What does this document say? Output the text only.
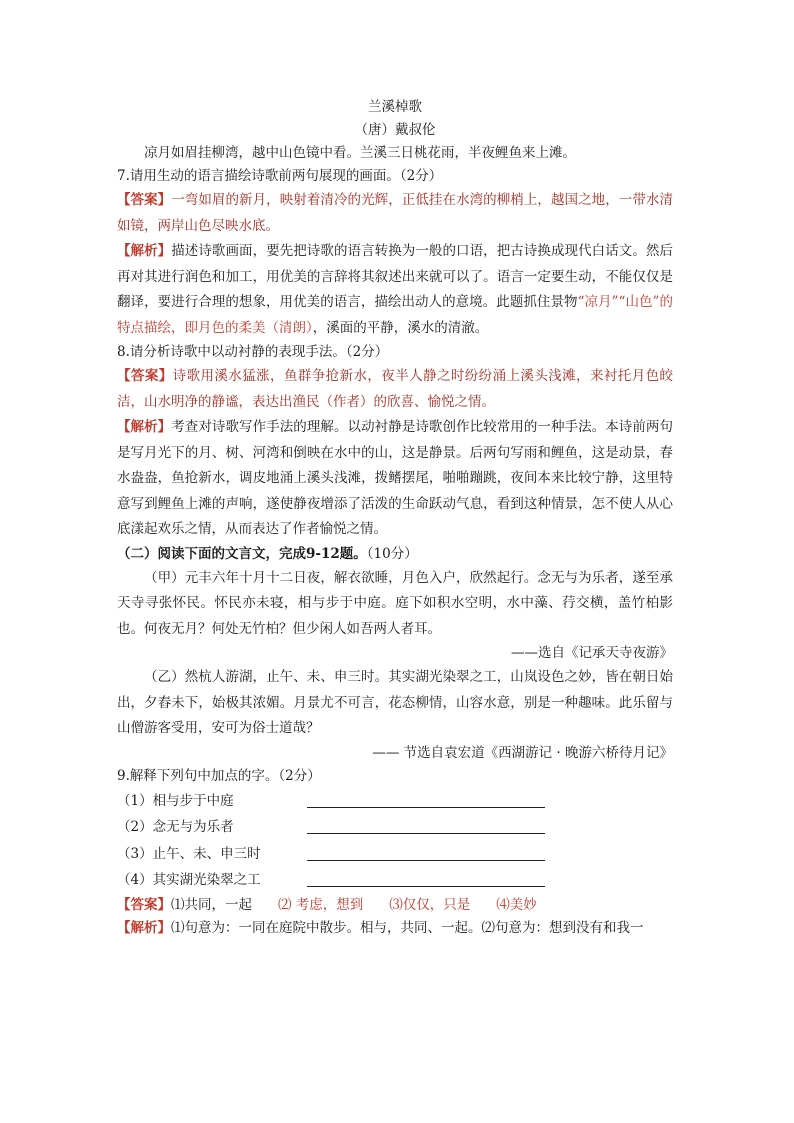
兰溪棹歌
（唐）戴叔伦
凉月如眉挂柳湾，越中山色镜中看。兰溪三日桃花雨，半夜鲤鱼来上滩。
7.请用生动的语言描绘诗歌前两句展现的画面。（2分）
【答案】一弯如眉的新月，映射着清冷的光辉，正低挂在水湾的柳梢上，越国之地，一带水清如镜，两岸山色尽映水底。
【解析】描述诗歌画面，要先把诗歌的语言转换为一般的口语，把古诗换成现代白话文。然后再对其进行润色和加工，用优美的言辞将其叙述出来就可以了。语言一定要生动，不能仅仅是翻译，要进行合理的想象，用优美的语言，描绘出动人的意境。此题抓住景物“凉月”“山色”的特点描绘，即月色的柔美（清朗），溪面的平静，溪水的清澈。
8.请分析诗歌中以动衬静的表现手法。（2分）
【答案】诗歌用溪水猛涨，鱼群争抢新水，夜半人静之时纷纷涌上溪头浅滩，来衬托月色皎洁，山水明净的静谧，表达出渔民（作者）的欣喜、愉悦之情。
【解析】考查对诗歌写作手法的理解。以动衬静是诗歌创作比较常用的一种手法。本诗前两句是写月光下的月、树、河湾和倒映在水中的山，这是静景。后两句写雨和鲤鱼，这是动景，春水盎盎，鱼抢新水，调皮地涌上溪头浅滩，拨鳍摆尾，啪啪蹦跳，夜间本来比较宁静，这里特意写到鲤鱼上滩的声响，遂使静夜增添了活泼的生命跃动气息，看到这种情景，怎不使人从心底漾起欢乐之情，从而表达了作者愉悦之情。
（二）阅读下面的文言文，完成9-12题。（10分）
（甲）元丰六年十月十二日夜，解衣欲睡，月色入户，欣然起行。念无与为乐者，遂至承天寺寻张怀民。怀民亦未寝，相与步于中庭。庭下如积水空明，水中藻、荇交横，盖竹柏影也。何夜无月？何处无竹柏？但少闲人如吾两人者耳。
——选自《记承天寺夜游》
（乙）然杭人游湖，止午、未、申三时。其实湖光染翠之工，山岚设色之妙，皆在朝日始出，夕舂未下，始极其浓媚。月景尤不可言，花态柳情，山容水意，别是一种趣味。此乐留与山僧游客受用，安可为俗士道哉？
—— 节选自袁宏道《西湖游记 · 晚游六桥待月记》
9.解释下列句中加点的字。（2分）
（1）相与步于中庭
（2）念无与为乐者
（3）止午、未、申三时
（4）其实湖光染翠之工
【答案】⑴共同，一起 ⑵ 考虑，想到 ⑶仅仅，只是 ⑷美妙
【解析】⑴句意为：一同在庭院中散步。相与，共同、一起。⑵句意为：想到没有和我一
